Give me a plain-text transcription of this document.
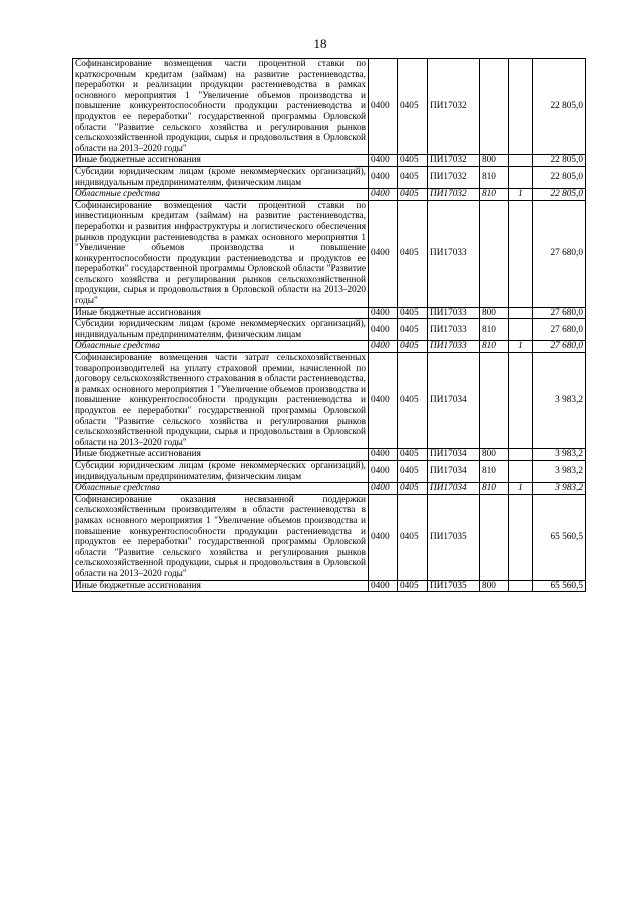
18
Софинансирование возмещения части процентной ставки по краткосрочным кредитам (займам) на развитие растениеводства, переработки и реализации продукции растениеводства в рамках основного мероприятия 1 "Увеличение объемов производства и повышение конкурентоспособности продукции растениеводства и продуктов ее переработки" государственной программы Орловской области "Развитие сельского хозяйства и регулирования рынков сельскохозяйственной продукции, сырья и продовольствия в Орловской области на 2013–2020 годы"	0400	0405	ПИ17032			22 805,0
Иные бюджетные ассигнования	0400	0405	ПИ17032	800		22 805,0
Субсидии юридическим лицам (кроме некоммерческих организаций), индивидуальным предпринимателям, физическим лицам	0400	0405	ПИ17032	810		22 805,0
Областные средства	0400	0405	ПИ17032	810	1	22 805,0
Софинансирование возмещения части процентной ставки по инвестиционным кредитам (займам) на развитие растениеводства, переработки и развития инфраструктуры и логистического обеспечения рынков продукции растениеводства в рамках основного мероприятия 1 "Увеличение объемов производства и повышение конкурентоспособности продукции растениеводства и продуктов ее переработки" государственной программы Орловской области "Развитие сельского хозяйства и регулирования рынков сельскохозяйственной продукции, сырья и продовольствия в Орловской области на 2013–2020 годы"	0400	0405	ПИ17033			27 680,0
Иные бюджетные ассигнования	0400	0405	ПИ17033	800		27 680,0
Субсидии юридическим лицам (кроме некоммерческих организаций), индивидуальным предпринимателям, физическим лицам	0400	0405	ПИ17033	810		27 680,0
Областные средства	0400	0405	ПИ17033	810	1	27 680,0
Софинансирование возмещения части затрат сельскохозяйственных товаропроизводителей на уплату страховой премии, начисленной по договору сельскохозяйственного страхования в области растениеводства, в рамках основного мероприятия 1 "Увеличение объемов производства и повышение конкурентоспособности продукции растениеводства и продуктов ее переработки" государственной программы Орловской области "Развитие сельского хозяйства и регулирования рынков сельскохозяйственной продукции, сырья и продовольствия в Орловской области на 2013–2020 годы"	0400	0405	ПИ17034			3 983,2
Иные бюджетные ассигнования	0400	0405	ПИ17034	800		3 983,2
Субсидии юридическим лицам (кроме некоммерческих организаций), индивидуальным предпринимателям, физическим лицам	0400	0405	ПИ17034	810		3 983,2
Областные средства	0400	0405	ПИ17034	810	1	3 983,2
Софинансирование оказания несвязанной поддержки сельскохозяйственным производителям в области растениеводства в рамках основного мероприятия 1 "Увеличение объемов производства и повышение конкурентоспособности продукции растениеводства и продуктов ее переработки" государственной программы Орловской области "Развитие сельского хозяйства и регулирования рынков сельскохозяйственной продукции, сырья и продовольствия в Орловской области на 2013–2020 годы"	0400	0405	ПИ17035			65 560,5
Иные бюджетные ассигнования	0400	0405	ПИ17035	800		65 560,5
